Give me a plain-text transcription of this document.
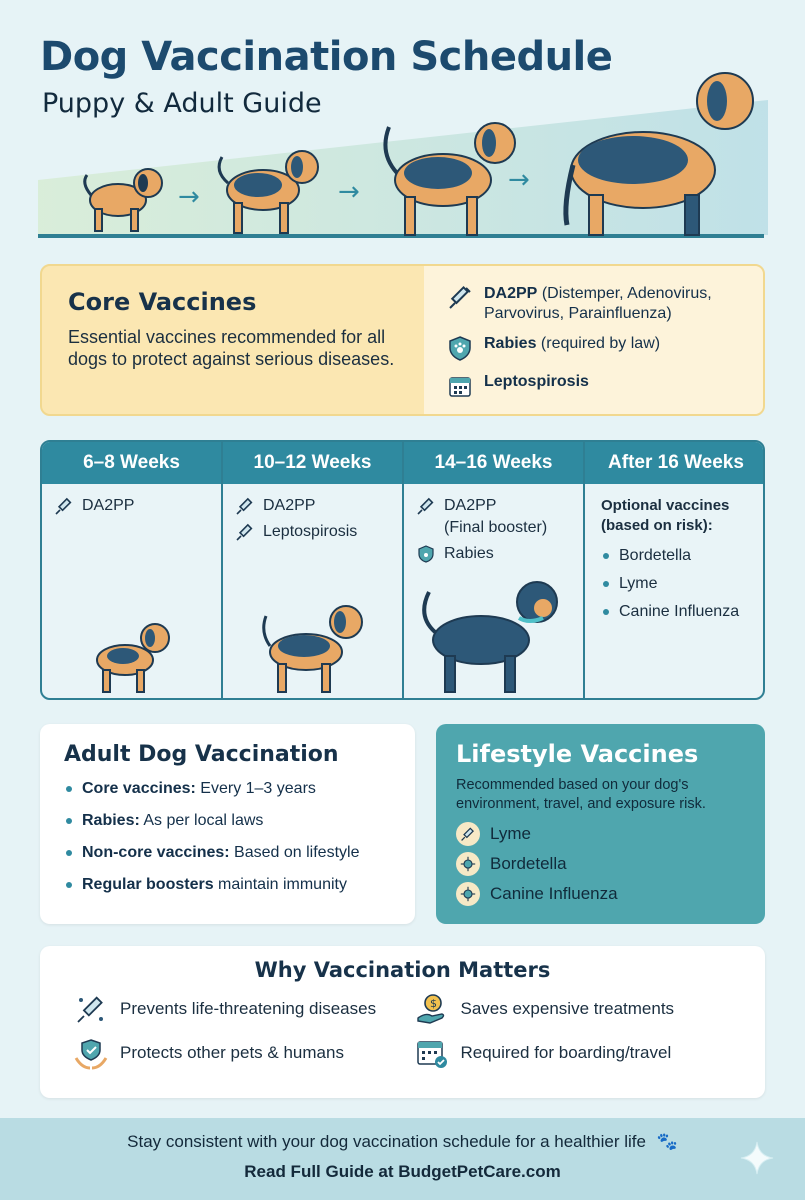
→	→	→
Dog Vaccination Schedule
Puppy & Adult Guide
Core Vaccines
Essential vaccines recommended for all dogs to protect against serious diseases.
DA2PP (Distemper, Adenovirus, Parvovirus, Parainfluenza)
Rabies (required by law)
Leptospirosis
6–8 Weeks
DA2PP
10–12 Weeks
DA2PP
Leptospirosis
14–16 Weeks
DA2PP
(Final booster)
Rabies
After 16 Weeks
Optional vaccines (based on risk):
Bordetella
Lyme
Canine Influenza
Adult Dog Vaccination
Core vaccines: Every 1–3 years
Rabies: As per local laws
Non-core vaccines: Based on lifestyle
Regular boosters maintain immunity
Lifestyle Vaccines
Recommended based on your dog's environment, travel, and exposure risk.
Lyme
Bordetella
Canine Influenza
Why Vaccination Matters
Prevents life-threatening diseases	$ Saves expensive treatments
Protects other pets & humans	Required for boarding/travel
Stay consistent with your dog vaccination schedule for a healthier life 🐾
Read Full Guide at BudgetPetCare.com
